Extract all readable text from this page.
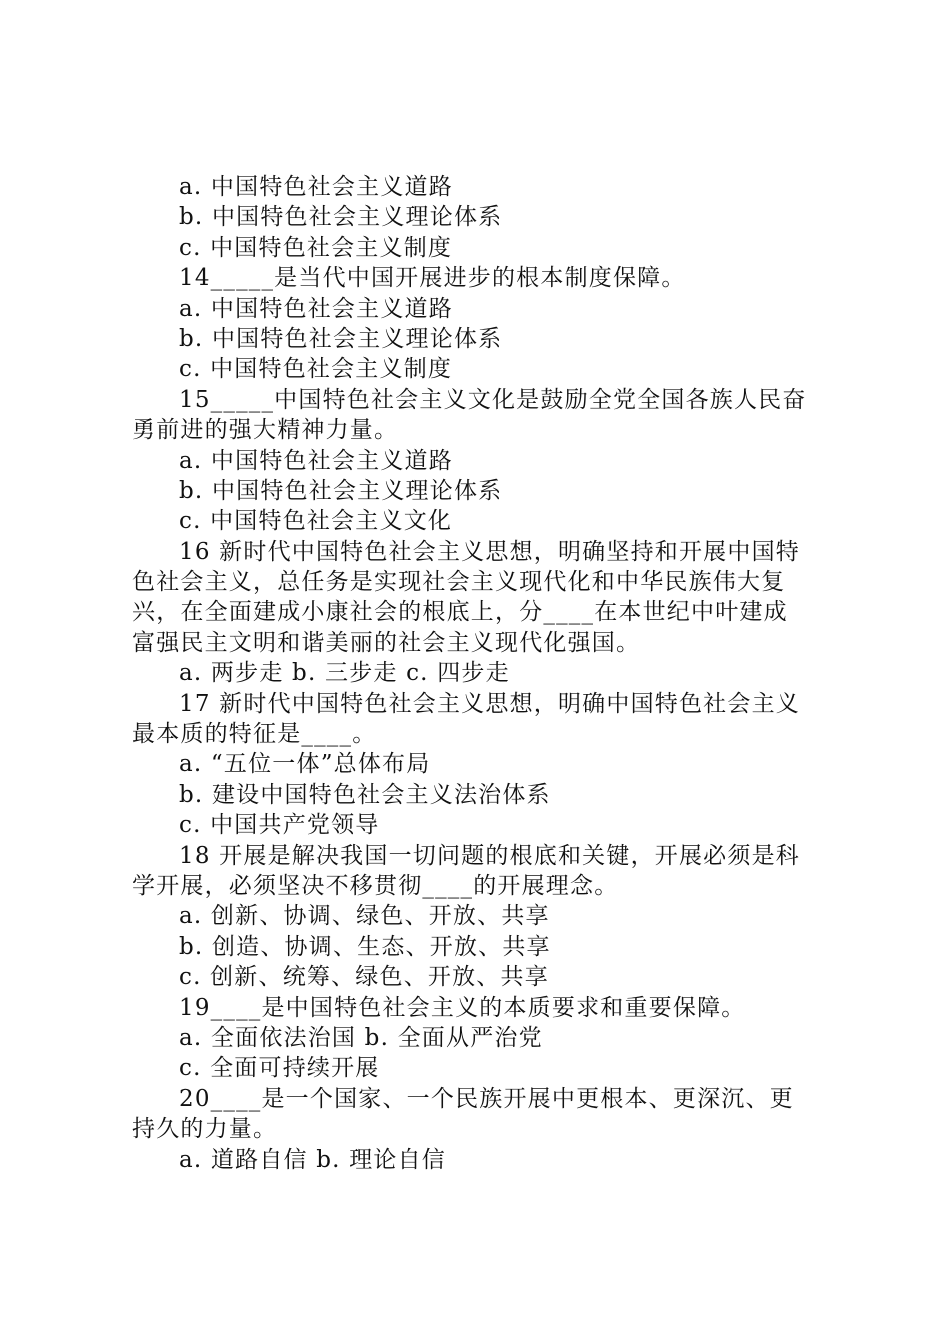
a. 中国特色社会主义道路
b. 中国特色社会主义理论体系
c. 中国特色社会主义制度
14_____是当代中国开展进步的根本制度保障。
a. 中国特色社会主义道路
b. 中国特色社会主义理论体系
c. 中国特色社会主义制度
15_____中国特色社会主义文化是鼓励全党全国各族人民奋
勇前进的强大精神力量。
a. 中国特色社会主义道路
b. 中国特色社会主义理论体系
c. 中国特色社会主义文化
16 新时代中国特色社会主义思想，明确坚持和开展中国特
色社会主义，总任务是实现社会主义现代化和中华民族伟大复
兴，在全面建成小康社会的根底上，分____在本世纪中叶建成
富强民主文明和谐美丽的社会主义现代化强国。
a. 两步走 b. 三步走 c. 四步走
17 新时代中国特色社会主义思想，明确中国特色社会主义
最本质的特征是____。
a. “五位一体”总体布局
b. 建设中国特色社会主义法治体系
c. 中国共产党领导
18 开展是解决我国一切问题的根底和关键，开展必须是科
学开展，必须坚决不移贯彻____的开展理念。
a. 创新、协调、绿色、开放、共享
b. 创造、协调、生态、开放、共享
c. 创新、统筹、绿色、开放、共享
19____是中国特色社会主义的本质要求和重要保障。
a. 全面依法治国 b. 全面从严治党
c. 全面可持续开展
20____是一个国家、一个民族开展中更根本、更深沉、更
持久的力量。
a. 道路自信 b. 理论自信
